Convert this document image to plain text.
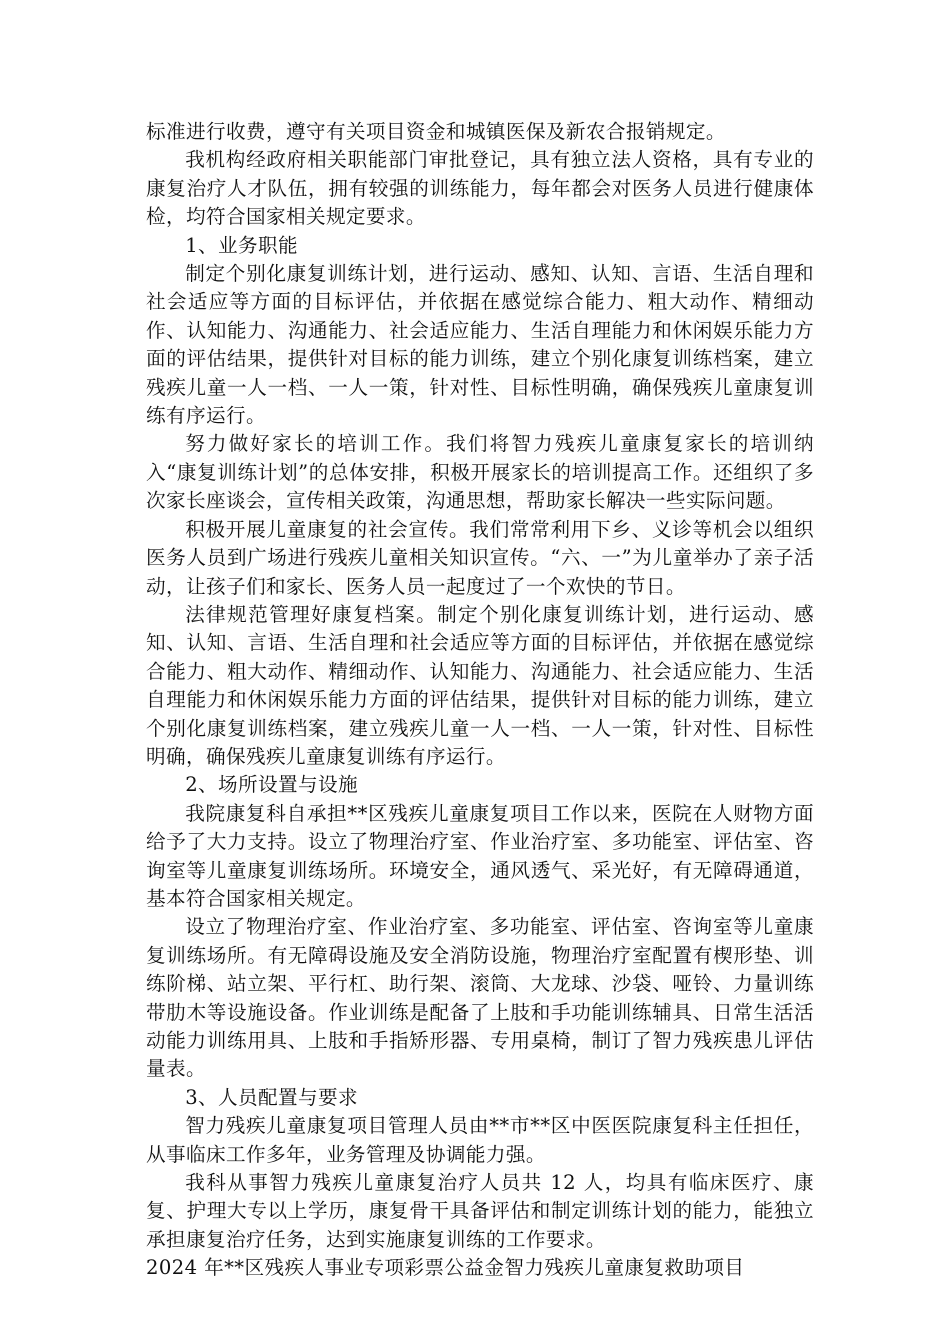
标准进行收费，遵守有关项目资金和城镇医保及新农合报销规定。

我机构经政府相关职能部门审批登记，具有独立法人资格，具有专业的康复治疗人才队伍，拥有较强的训练能力，每年都会对医务人员进行健康体检，均符合国家相关规定要求。

1、业务职能

制定个别化康复训练计划，进行运动、感知、认知、言语、生活自理和社会适应等方面的目标评估，并依据在感觉综合能力、粗大动作、精细动作、认知能力、沟通能力、社会适应能力、生活自理能力和休闲娱乐能力方面的评估结果，提供针对目标的能力训练，建立个别化康复训练档案，建立残疾儿童一人一档、一人一策，针对性、目标性明确，确保残疾儿童康复训练有序运行。

努力做好家长的培训工作。我们将智力残疾儿童康复家长的培训纳入“康复训练计划”的总体安排，积极开展家长的培训提高工作。还组织了多次家长座谈会，宣传相关政策，沟通思想，帮助家长解决一些实际问题。

积极开展儿童康复的社会宣传。我们常常利用下乡、义诊等机会以组织医务人员到广场进行残疾儿童相关知识宣传。“六、一”为儿童举办了亲子活动，让孩子们和家长、医务人员一起度过了一个欢快的节日。

法律规范管理好康复档案。制定个别化康复训练计划，进行运动、感知、认知、言语、生活自理和社会适应等方面的目标评估，并依据在感觉综合能力、粗大动作、精细动作、认知能力、沟通能力、社会适应能力、生活自理能力和休闲娱乐能力方面的评估结果，提供针对目标的能力训练，建立个别化康复训练档案，建立残疾儿童一人一档、一人一策，针对性、目标性明确，确保残疾儿童康复训练有序运行。

2、场所设置与设施

我院康复科自承担**区残疾儿童康复项目工作以来，医院在人财物方面给予了大力支持。设立了物理治疗室、作业治疗室、多功能室、评估室、咨询室等儿童康复训练场所。环境安全，通风透气、采光好，有无障碍通道，基本符合国家相关规定。

设立了物理治疗室、作业治疗室、多功能室、评估室、咨询室等儿童康复训练场所。有无障碍设施及安全消防设施，物理治疗室配置有楔形垫、训练阶梯、站立架、平行杠、助行架、滚筒、大龙球、沙袋、哑铃、力量训练带肋木等设施设备。作业训练是配备了上肢和手功能训练辅具、日常生活活动能力训练用具、上肢和手指矫形器、专用桌椅，制订了智力残疾患儿评估量表。

3、人员配置与要求

智力残疾儿童康复项目管理人员由**市**区中医医院康复科主任担任，从事临床工作多年，业务管理及协调能力强。

我科从事智力残疾儿童康复治疗人员共 12 人，均具有临床医疗、康复、护理大专以上学历，康复骨干具备评估和制定训练计划的能力，能独立承担康复治疗任务，达到实施康复训练的工作要求。

2024 年**区残疾人事业专项彩票公益金智力残疾儿童康复救助项目
